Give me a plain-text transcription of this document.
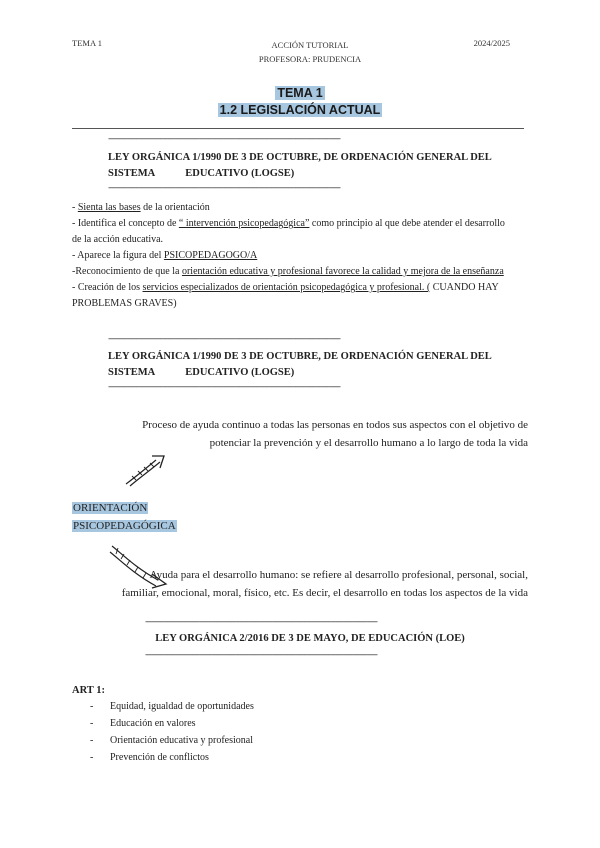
TEMA 1	ACCIÓN TUTORIAL
PROFESORA: PRUDENCIA
2024/2025
TEMA 1
1.2 LEGISLACIÓN ACTUAL
------------------------------------------------------------------------------------------------------------
LEY ORGÁNICA 1/1990 DE 3 DE OCTUBRE, DE ORDENACIÓN GENERAL DEL
SISTEMA	EDUCATIVO (LOGSE)
------------------------------------------------------------------------------------------------------------
- Sienta las bases de la orientación
- Identifica el concepto de “ intervención psicopedagógica” como principio al que debe atender el desarrollo
de la acción educativa.
- Aparece la figura del PSICOPEDAGOGO/A
-Reconocimiento de que la orientación educativa y profesional favorece la calidad y mejora de la enseñanza
- Creación de los servicios especializados de orientación psicopedagógica y profesional. ( CUANDO HAY
PROBLEMAS GRAVES)
------------------------------------------------------------------------------------------------------------
LEY ORGÁNICA 1/1990 DE 3 DE OCTUBRE, DE ORDENACIÓN GENERAL DEL
SISTEMA	EDUCATIVO (LOGSE)
------------------------------------------------------------------------------------------------------------
Proceso de ayuda continuo a todas las personas en todos sus aspectos con el objetivo de
potenciar la prevención y el desarrollo humano a lo largo de toda la vida
ORIENTACIÓN
PSICOPEDAGÓGICA
Ayuda para el desarrollo humano: se refiere al desarrollo profesional, personal, social,
familiar, emocional, moral, físico, etc. Es decir, el desarrollo en todas los aspectos de la vida
------------------------------------------------------------------------------------------------------------
LEY ORGÁNICA 2/2016 DE 3 DE MAYO, DE EDUCACIÓN (LOE)
------------------------------------------------------------------------------------------------------------
ART 1:
- Equidad, igualdad de oportunidades
- Educación en valores
- Orientación educativa y profesional
- Prevención de conflictos
